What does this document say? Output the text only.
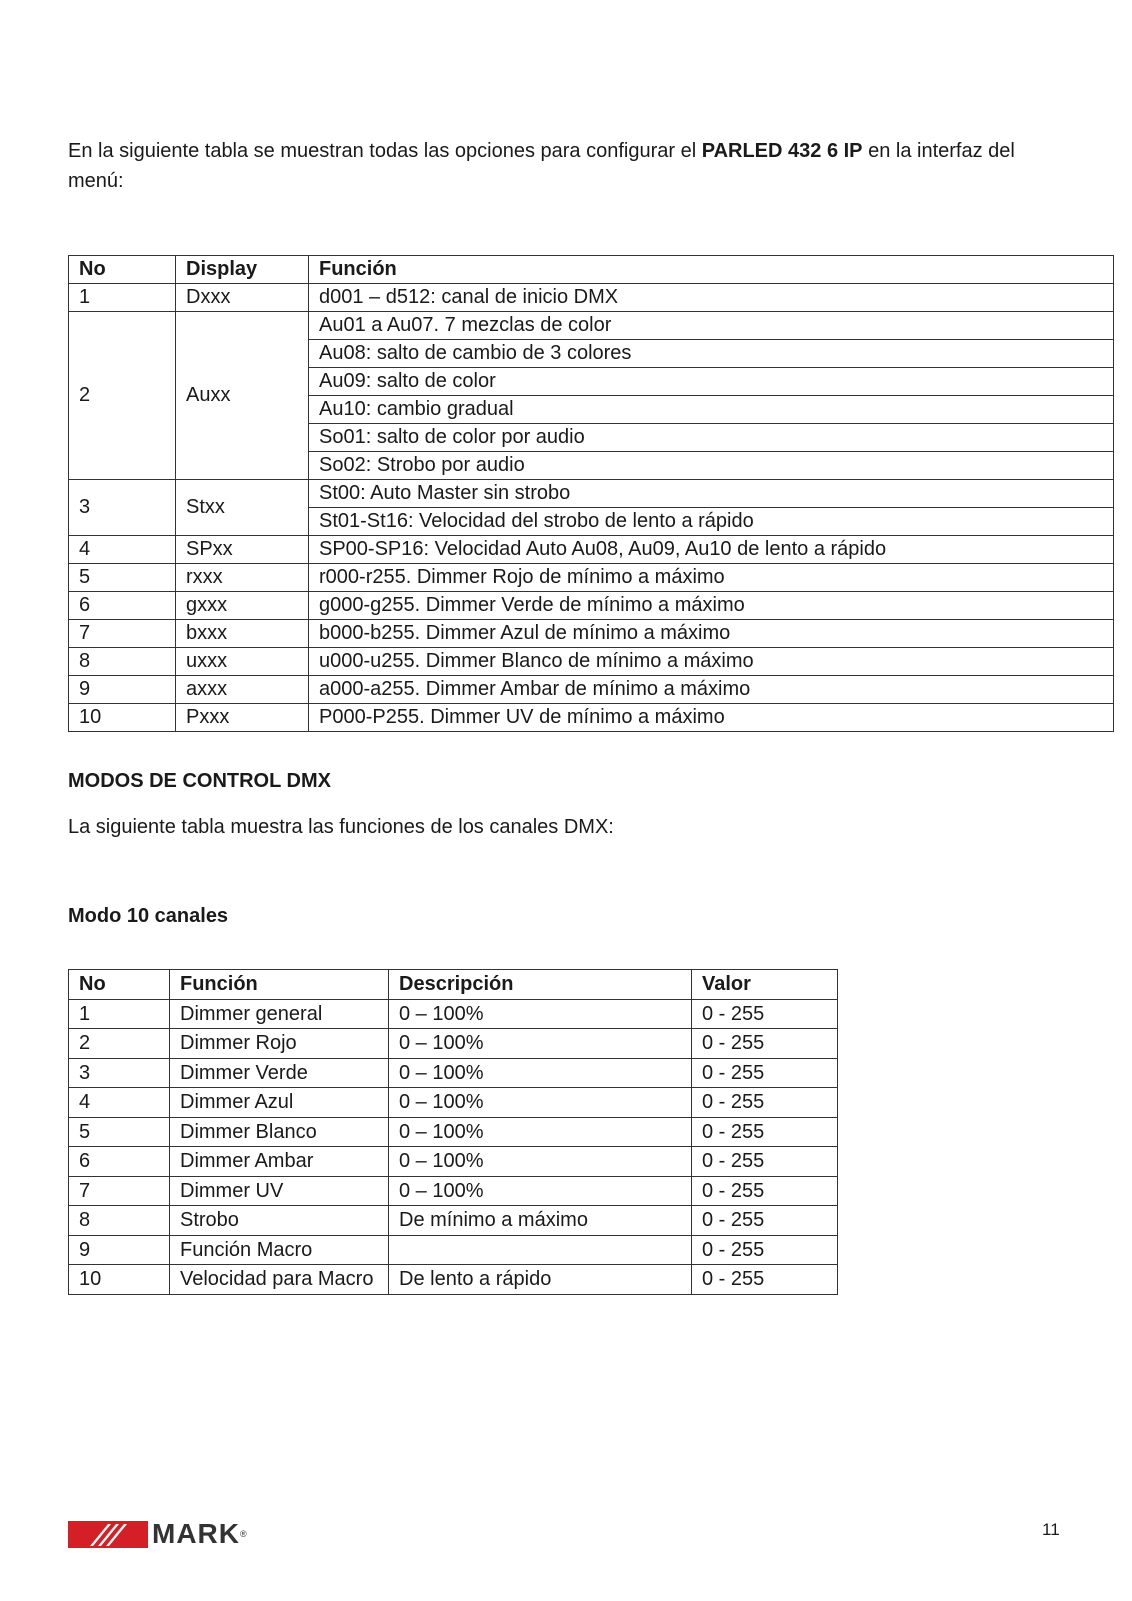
En la siguiente tabla se muestran todas las opciones para configurar el PARLED 432 6 IP en la interfaz del menú:

No	Display	Función
1	Dxxx	d001 – d512: canal de inicio DMX
2	Auxx	Au01 a Au07. 7 mezclas de color
		Au08: salto de cambio de 3 colores
		Au09: salto de color
		Au10: cambio gradual
		So01: salto de color por audio
		So02: Strobo por audio
3	Stxx	St00: Auto Master sin strobo
		St01-St16: Velocidad del strobo de lento a rápido
4	SPxx	SP00-SP16: Velocidad Auto Au08, Au09, Au10 de lento a rápido
5	rxxx	r000-r255. Dimmer Rojo de mínimo a máximo
6	gxxx	g000-g255. Dimmer Verde de mínimo a máximo
7	bxxx	b000-b255. Dimmer Azul de mínimo a máximo
8	uxxx	u000-u255. Dimmer Blanco de mínimo a máximo
9	axxx	a000-a255. Dimmer Ambar de mínimo a máximo
10	Pxxx	P000-P255. Dimmer UV de mínimo a máximo
MODOS DE CONTROL DMX
La siguiente tabla muestra las funciones de los canales DMX:
Modo 10 canales
No	Función	Descripción	Valor
1	Dimmer general	0 – 100%	0 - 255
2	Dimmer Rojo	0 – 100%	0 - 255
3	Dimmer Verde	0 – 100%	0 - 255
4	Dimmer Azul	0 – 100%	0 - 255
5	Dimmer Blanco	0 – 100%	0 - 255
6	Dimmer Ambar	0 – 100%	0 - 255
7	Dimmer UV	0 – 100%	0 - 255
8	Strobo	De mínimo a máximo	0 - 255
9	Función Macro		0 - 255
10	Velocidad para Macro	De lento a rápido	0 - 255
MARK ®	11
